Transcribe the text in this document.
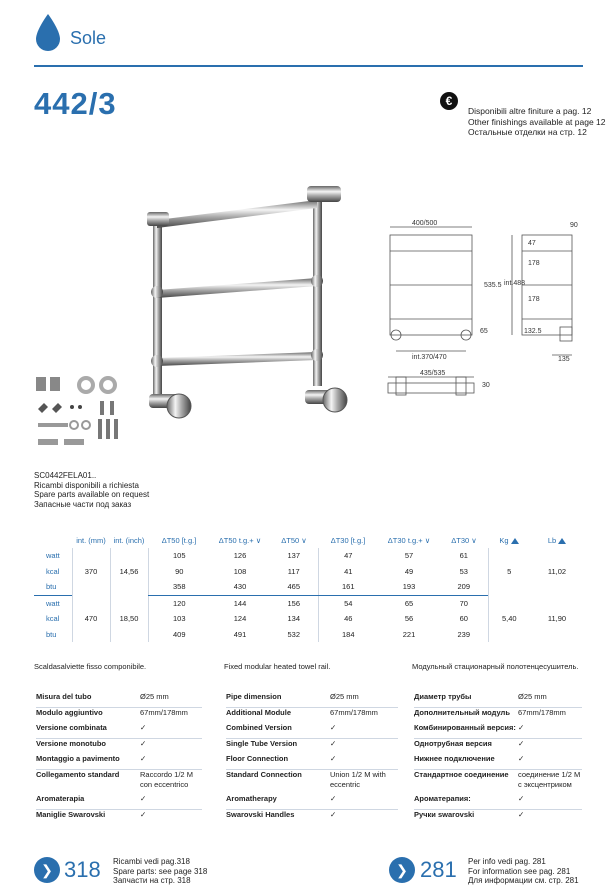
Sole
442/3	€
Disponibili altre finiture a pag. 12
Other finishings available at page 12
Остальные отделки на стр. 12
400/500
int.370/470
435/535
535.5 int.488
90
47
178
178
132.5
135
65
30
SC0442FELA01..
Ricambi disponibili a richiesta
Spare parts available on request
Запасные части под заказ
	int. (mm)	int. (inch)	ΔT50 [t.g.]	ΔT50 t.g.+ ∨	ΔT50 ∨	ΔT30 [t.g.]	ΔT30 t.g.+ ∨	ΔT30 ∨	Kg	Lb
watt	370	14,56	105	126	137	47	57	61	5	11,02
kcal			90	108	117	41	49	53		
btu			358	430	465	161	193	209		
watt	470	18,50	120	144	156	54	65	70	5,40	11,90
kcal			103	124	134	46	56	60		
btu			409	491	532	184	221	239		
Scaldasalviette fisso componibile.	Fixed modular heated towel rail.	Модульный стационарный полотенцесушитель.
Misura del tubo	Ø25 mm
Modulo aggiuntivo	67mm/178mm
Versione combinata	✓
Versione monotubo	✓
Montaggio a pavimento	✓
Collegamento standard	Raccordo 1/2 M con eccentrico
Aromaterapia	✓
Maniglie Swarovski	✓
Pipe dimension	Ø25 mm
Additional Module	67mm/178mm
Combined Version	✓
Single Tube Version	✓
Floor Connection	✓
Standard Connection	Union 1/2 M with eccentric
Aromatherapy	✓
Swarovski Handles	✓
Диаметр трубы	Ø25 mm
Дополнительный модуль	67mm/178mm
Комбинированный версия:	✓
Однотрубная версия	✓
Нижнее подключение	✓
Стандартное соединение	соединение 1/2 M с эксцентриком
Ароматерапия:	✓
Ручки swarovski	✓
❯ 318 Ricambi vedi pag.318
Spare parts: see page 318
Запчасти на стр. 318
❯ 281 Per info vedi pag. 281
For information see pag. 281
Для информации см. стр. 281
